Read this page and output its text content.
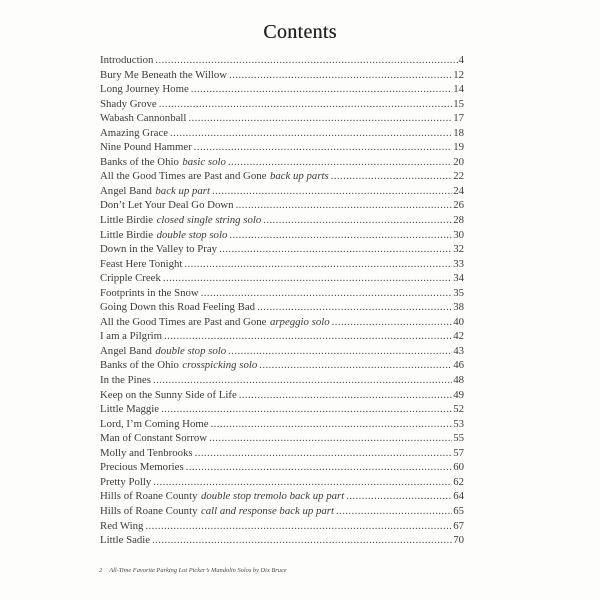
Contents
Introduction .....	4
Bury Me Beneath the Willow .....	12
Long Journey Home .....	14
Shady Grove .....	15
Wabash Cannonball .....	17
Amazing Grace .....	18
Nine Pound Hammer .....	19
Banks of the Ohio basic solo .....	20
All the Good Times are Past and Gone back up parts .....	22
Angel Band back up part .....	24
Don’t Let Your Deal Go Down .....	26
Little Birdie closed single string solo .....	28
Little Birdie double stop solo .....	30
Down in the Valley to Pray .....	32
Feast Here Tonight .....	33
Cripple Creek .....	34
Footprints in the Snow .....	35
Going Down this Road Feeling Bad .....	38
All the Good Times are Past and Gone arpeggio solo .....	40
I am a Pilgrim .....	42
Angel Band double stop solo .....	43
Banks of the Ohio crosspicking solo .....	46
In the Pines .....	48
Keep on the Sunny Side of Life .....	49
Little Maggie .....	52
Lord, I’m Coming Home .....	53
Man of Constant Sorrow .....	55
Molly and Tenbrooks .....	57
Precious Memories .....	60
Pretty Polly .....	62
Hills of Roane County double stop tremolo back up part .....	64
Hills of Roane County call and response back up part .....	65
Red Wing .....	67
Little Sadie .....	70
2 All-Time Favorite Parking Lot Picker’s Mandolin Solos by Dix Bruce
